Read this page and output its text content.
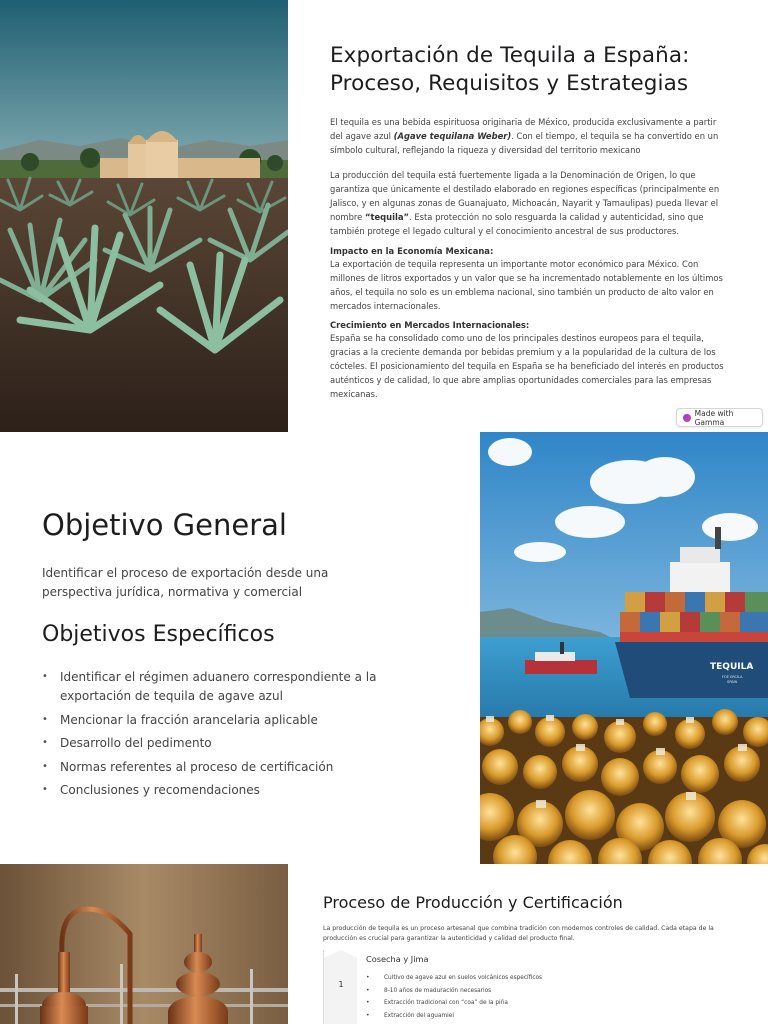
Exportación de Tequila a España:
Proceso, Requisitos y Estrategias

El tequila es una bebida espirituosa originaria de México, producida exclusivamente a partir del agave azul (Agave tequilana Weber). Con el tiempo, el tequila se ha convertido en un símbolo cultural, reflejando la riqueza y diversidad del territorio mexicano

La producción del tequila está fuertemente ligada a la Denominación de Origen, lo que garantiza que únicamente el destilado elaborado en regiones específicas (principalmente en Jalisco, y en algunas zonas de Guanajuato, Michoacán, Nayarit y Tamaulipas) pueda llevar el nombre “tequila”. Esta protección no solo resguarda la calidad y autenticidad, sino que también protege el legado cultural y el conocimiento ancestral de sus productores.

Impacto en la Economía Mexicana:

La exportación de tequila representa un importante motor económico para México. Con millones de litros exportados y un valor que se ha incrementado notablemente en los últimos años, el tequila no solo es un emblema nacional, sino también un producto de alto valor en mercados internacionales.

Crecimiento en Mercados Internacionales:

España se ha consolidado como uno de los principales destinos europeos para el tequila, gracias a la creciente demanda por bebidas premium y a la popularidad de la cultura de los cócteles. El posicionamiento del tequila en España se ha beneficiado del interés en productos auténticos y de calidad, lo que abre amplias oportunidades comerciales para las empresas mexicanas.

Made with Gamma
Objetivo General

Identificar el proceso de exportación desde una perspectiva jurídica, normativa y comercial

Objetivos Específicos
• Identificar el régimen aduanero correspondiente a la exportación de tequila de agave azul
• Mencionar la fracción arancelaria aplicable
• Desarrollo del pedimento
• Normas referentes al proceso de certificación
• Conclusiones y recomendaciones
TEQUILA
FOE ERCILA
SPAIN
Proceso de Producción y Certificación

La producción de tequila es un proceso artesanal que combina tradición con modernos controles de calidad. Cada etapa de la producción es crucial para garantizar la autenticidad y calidad del producto final.

1
Cosecha y Jima
• Cultivo de agave azul en suelos volcánicos específicos
• 8-10 años de maduración necesarios
• Extracción tradicional con “coa” de la piña
• Extracción del aguamiel
